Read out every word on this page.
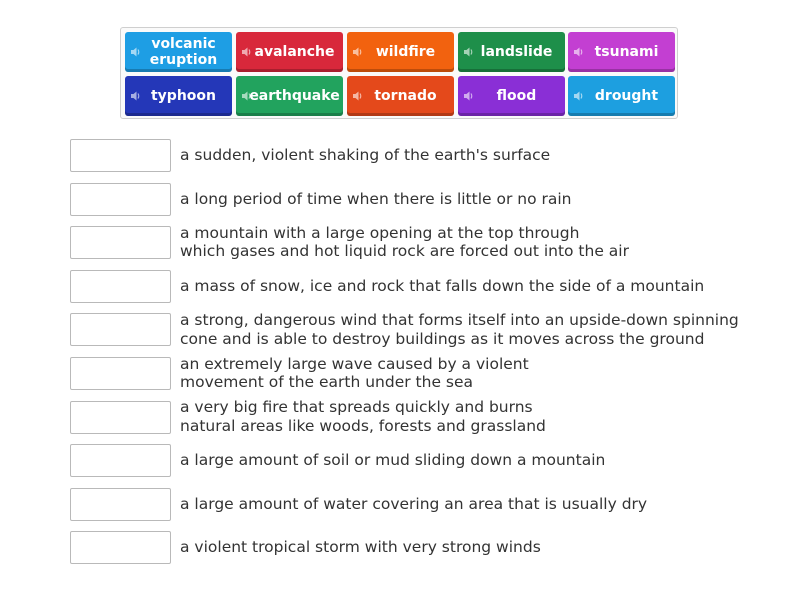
volcanic eruption	avalanche	wildfire	landslide	tsunami
typhoon	earthquake	tornado	flood	drought
a sudden, violent shaking of the earth's surface
a long period of time when there is little or no rain
a mountain with a large opening at the top through
which gases and hot liquid rock are forced out into the air
a mass of snow, ice and rock that falls down the side of a mountain
a strong, dangerous wind that forms itself into an upside-down spinning
cone and is able to destroy buildings as it moves across the ground
an extremely large wave caused by a violent
movement of the earth under the sea
a very big fire that spreads quickly and burns
natural areas like woods, forests and grassland
a large amount of soil or mud sliding down a mountain
a large amount of water covering an area that is usually dry
a violent tropical storm with very strong winds
